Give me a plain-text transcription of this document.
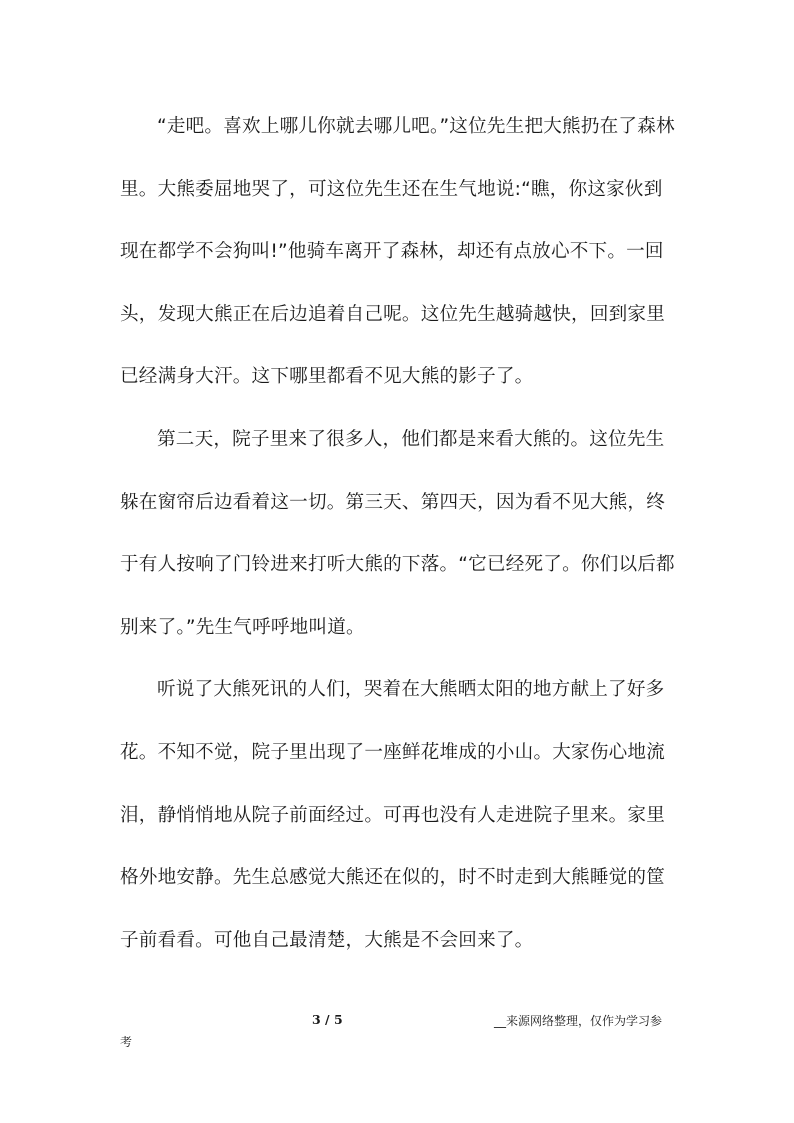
“走吧。喜欢上哪儿你就去哪儿吧。”这位先生把大熊扔在了森林
里。大熊委屈地哭了，可这位先生还在生气地说:“瞧，你这家伙到
现在都学不会狗叫!”他骑车离开了森林，却还有点放心不下。一回
头，发现大熊正在后边追着自己呢。这位先生越骑越快，回到家里
已经满身大汗。这下哪里都看不见大熊的影子了。
第二天，院子里来了很多人，他们都是来看大熊的。这位先生
躲在窗帘后边看着这一切。第三天、第四天，因为看不见大熊，终
于有人按响了门铃进来打听大熊的下落。“它已经死了。你们以后都
别来了。”先生气呼呼地叫道。
听说了大熊死讯的人们，哭着在大熊晒太阳的地方献上了好多
花。不知不觉，院子里出现了一座鲜花堆成的小山。大家伤心地流
泪，静悄悄地从院子前面经过。可再也没有人走进院子里来。家里
格外地安静。先生总感觉大熊还在似的，时不时走到大熊睡觉的筐
子前看看。可他自己最清楚，大熊是不会回来了。
3 / 5	__来源网络整理，仅作为学习参
考
